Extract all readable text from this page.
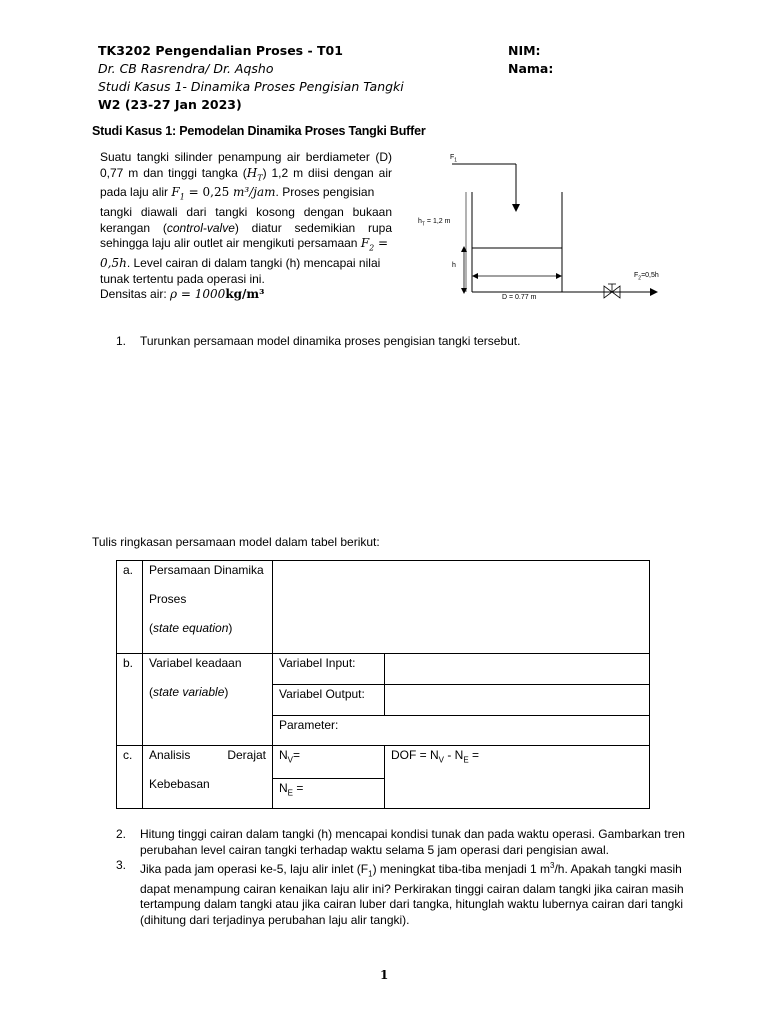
TK3202 Pengendalian Proses - T01
Dr. CB Rasrendra/ Dr. Aqsho
Studi Kasus 1- Dinamika Proses Pengisian Tangki
W2 (23-27 Jan 2023)
NIM:
Nama:
Studi Kasus 1: Pemodelan Dinamika Proses Tangki Buffer
Suatu tangki silinder penampung air berdiameter (D)
0,77 m dan tinggi tangka $(H_T)$ 1,2 m diisi dengan air
pada laju alir $F_1 = 0,25$ m³/jam. Proses pengisian
tangki diawali dari tangki kosong dengan bukaan
kerangan (control-valve) diatur sedemikian rupa
sehingga laju alir outlet air mengikuti persamaan $F_2$ =
0,5h. Level cairan di dalam tangki (h) mencapai nilai
tunak tertentu pada operasi ini.
Densitas air: ρ = 1000kg/m³
$F_1$
$h_T = 1,2$ m
h
$F_2=0,5h$
D = 0.77 m
1. Turunkan persamaan model dinamika proses pengisian tangki tersebut.
Tulis ringkasan persamaan model dalam tabel berikut:
a.	Persamaan Dinamika
Proses
(state equation)		

b.	Variabel keadaan
(state variable)	Variabel Input:	
		Variabel Output:	
		Parameter:	
c.	Analisis Derajat
Kebebasan	$N_V=$	DOF = $N_V - N_E$ =
		$N_E$ =	
2. Hitung tinggi cairan dalam tangki (h) mencapai kondisi tunak dan pada waktu operasi. Gambarkan tren
perubahan level cairan tangki terhadap waktu selama 5 jam operasi dari pengisian awal.
3. Jika pada jam operasi ke-5, laju alir inlet $(F_1)$ meningkat tiba-tiba menjadi 1 $m^3/h$. Apakah tangki masih
dapat menampung cairan kenaikan laju alir ini? Perkirakan tinggi cairan dalam tangki jika cairan masih
tertampung dalam tangki atau jika cairan luber dari tangka, hitunglah waktu lubernya cairan dari tangki
(dihitung dari terjadinya perubahan laju alir tangki).
1
